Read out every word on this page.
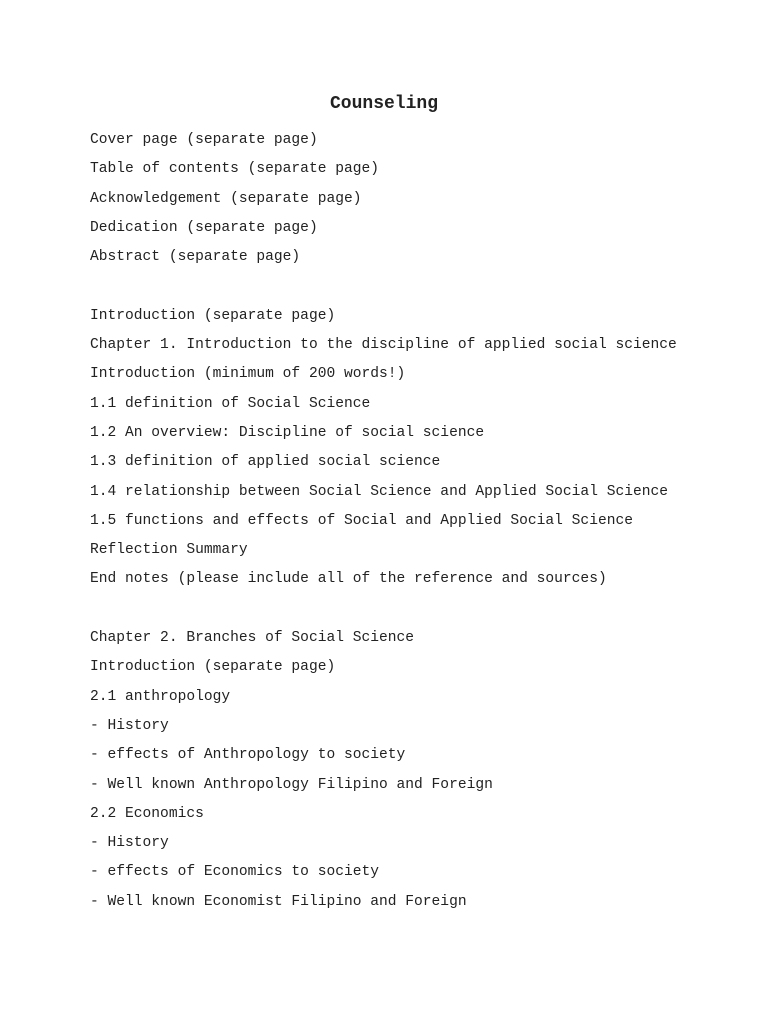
Counseling
Cover page (separate page)
Table of contents (separate page)
Acknowledgement (separate page)
Dedication (separate page)
Abstract (separate page)
Introduction (separate page)
Chapter 1. Introduction to the discipline of applied social science
Introduction (minimum of 200 words!)
1.1 definition of Social Science
1.2 An overview: Discipline of social science
1.3 definition of applied social science
1.4 relationship between Social Science and Applied Social Science
1.5 functions and effects of Social and Applied Social Science
Reflection Summary
End notes (please include all of the reference and sources)
Chapter 2. Branches of Social Science
Introduction (separate page)
2.1 anthropology
- History
- effects of Anthropology to society
- Well known Anthropology Filipino and Foreign
2.2 Economics
- History
- effects of Economics to society
- Well known Economist Filipino and Foreign
